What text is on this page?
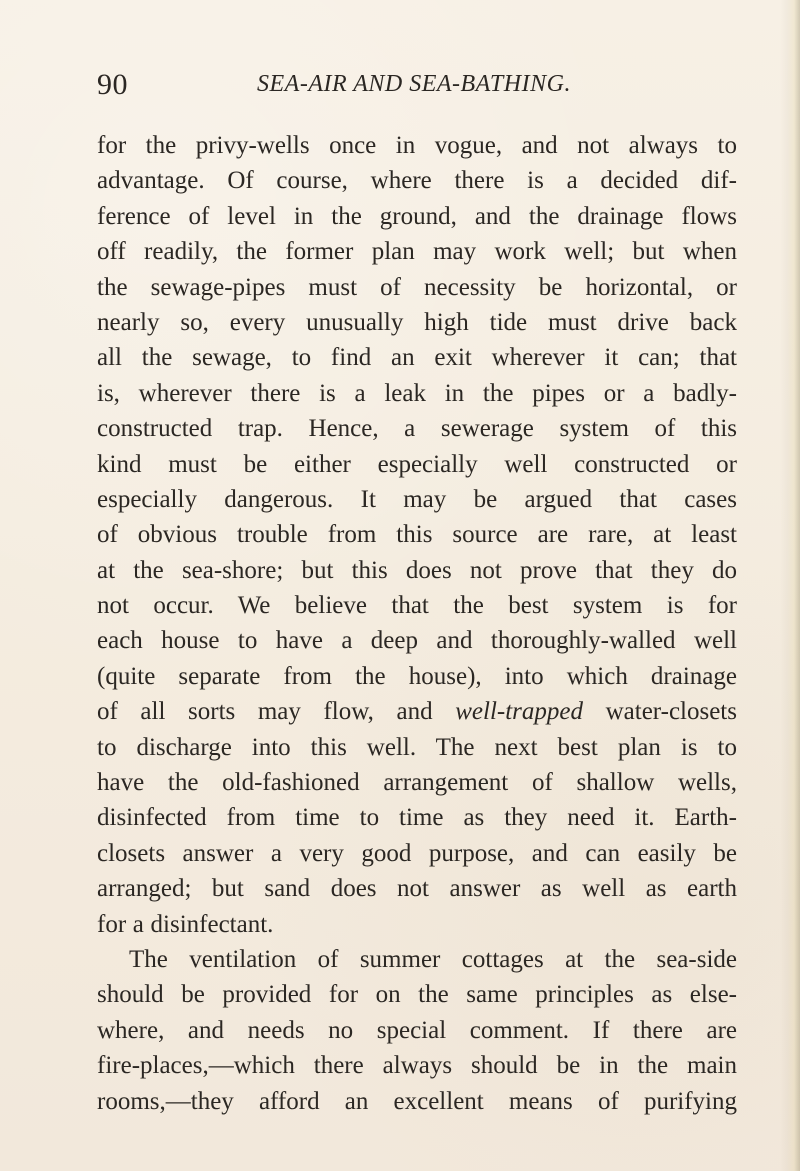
90	SEA-AIR AND SEA-BATHING.
for the privy-wells once in vogue, and not always to
advantage. Of course, where there is a decided dif-
ference of level in the ground, and the drainage flows
off readily, the former plan may work well; but when
the sewage-pipes must of necessity be horizontal, or
nearly so, every unusually high tide must drive back
all the sewage, to find an exit wherever it can; that
is, wherever there is a leak in the pipes or a badly-
constructed trap. Hence, a sewerage system of this
kind must be either especially well constructed or
especially dangerous. It may be argued that cases
of obvious trouble from this source are rare, at least
at the sea-shore; but this does not prove that they do
not occur. We believe that the best system is for
each house to have a deep and thoroughly-walled well
(quite separate from the house), into which drainage
of all sorts may flow, and well-trapped water-closets
to discharge into this well. The next best plan is to
have the old-fashioned arrangement of shallow wells,
disinfected from time to time as they need it. Earth-
closets answer a very good purpose, and can easily be
arranged; but sand does not answer as well as earth
for a disinfectant.
The ventilation of summer cottages at the sea-side
should be provided for on the same principles as else-
where, and needs no special comment. If there are
fire-places,—which there always should be in the main
rooms,—they afford an excellent means of purifying
